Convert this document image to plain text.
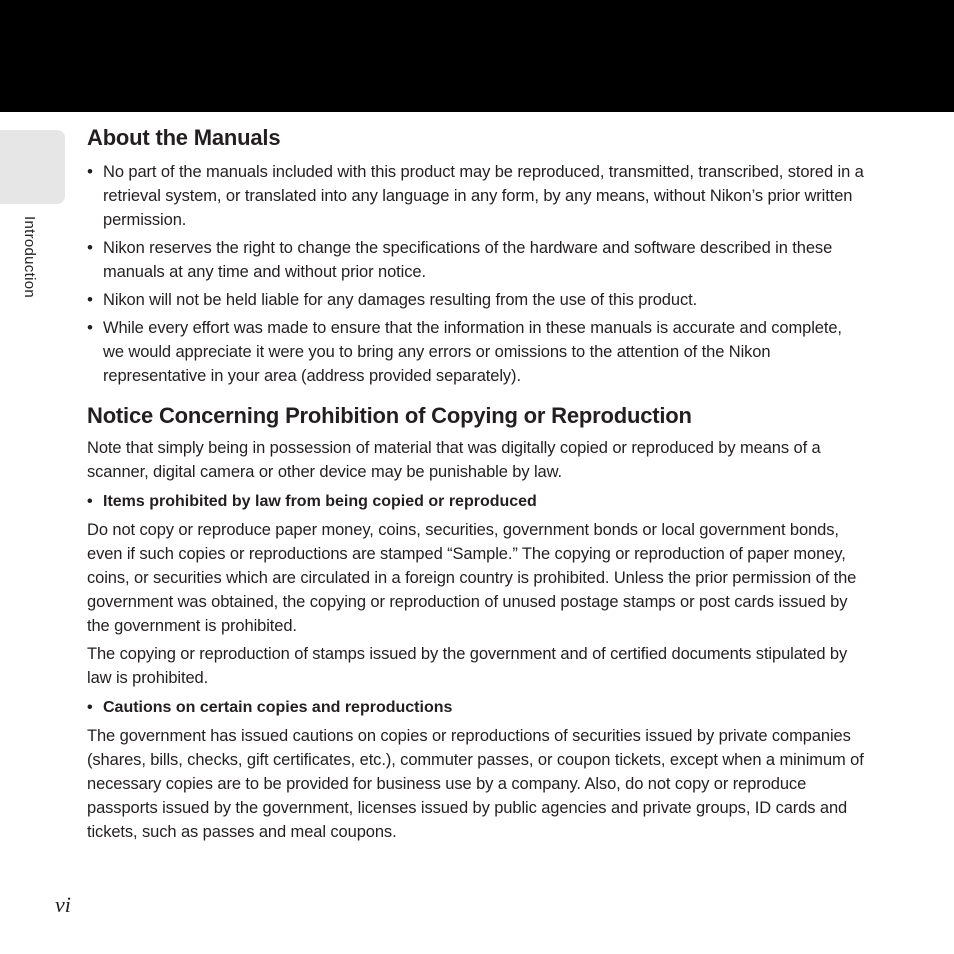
Introduction
About the Manuals
• No part of the manuals included with this product may be reproduced, transmitted, transcribed, stored in a retrieval system, or translated into any language in any form, by any means, without Nikon’s prior written permission.
• Nikon reserves the right to change the specifications of the hardware and software described in these manuals at any time and without prior notice.
• Nikon will not be held liable for any damages resulting from the use of this product.
• While every effort was made to ensure that the information in these manuals is accurate and complete, we would appreciate it were you to bring any errors or omissions to the attention of the Nikon representative in your area (address provided separately).
Notice Concerning Prohibition of Copying or Reproduction

Note that simply being in possession of material that was digitally copied or reproduced by means of a scanner, digital camera or other device may be punishable by law.

• Items prohibited by law from being copied or reproduced

Do not copy or reproduce paper money, coins, securities, government bonds or local government bonds, even if such copies or reproductions are stamped “Sample.” The copying or reproduction of paper money, coins, or securities which are circulated in a foreign country is prohibited. Unless the prior permission of the government was obtained, the copying or reproduction of unused postage stamps or post cards issued by the government is prohibited.

The copying or reproduction of stamps issued by the government and of certified documents stipulated by law is prohibited.

• Cautions on certain copies and reproductions

The government has issued cautions on copies or reproductions of securities issued by private companies (shares, bills, checks, gift certificates, etc.), commuter passes, or coupon tickets, except when a minimum of necessary copies are to be provided for business use by a company. Also, do not copy or reproduce passports issued by the government, licenses issued by public agencies and private groups, ID cards and tickets, such as passes and meal coupons.

vi
